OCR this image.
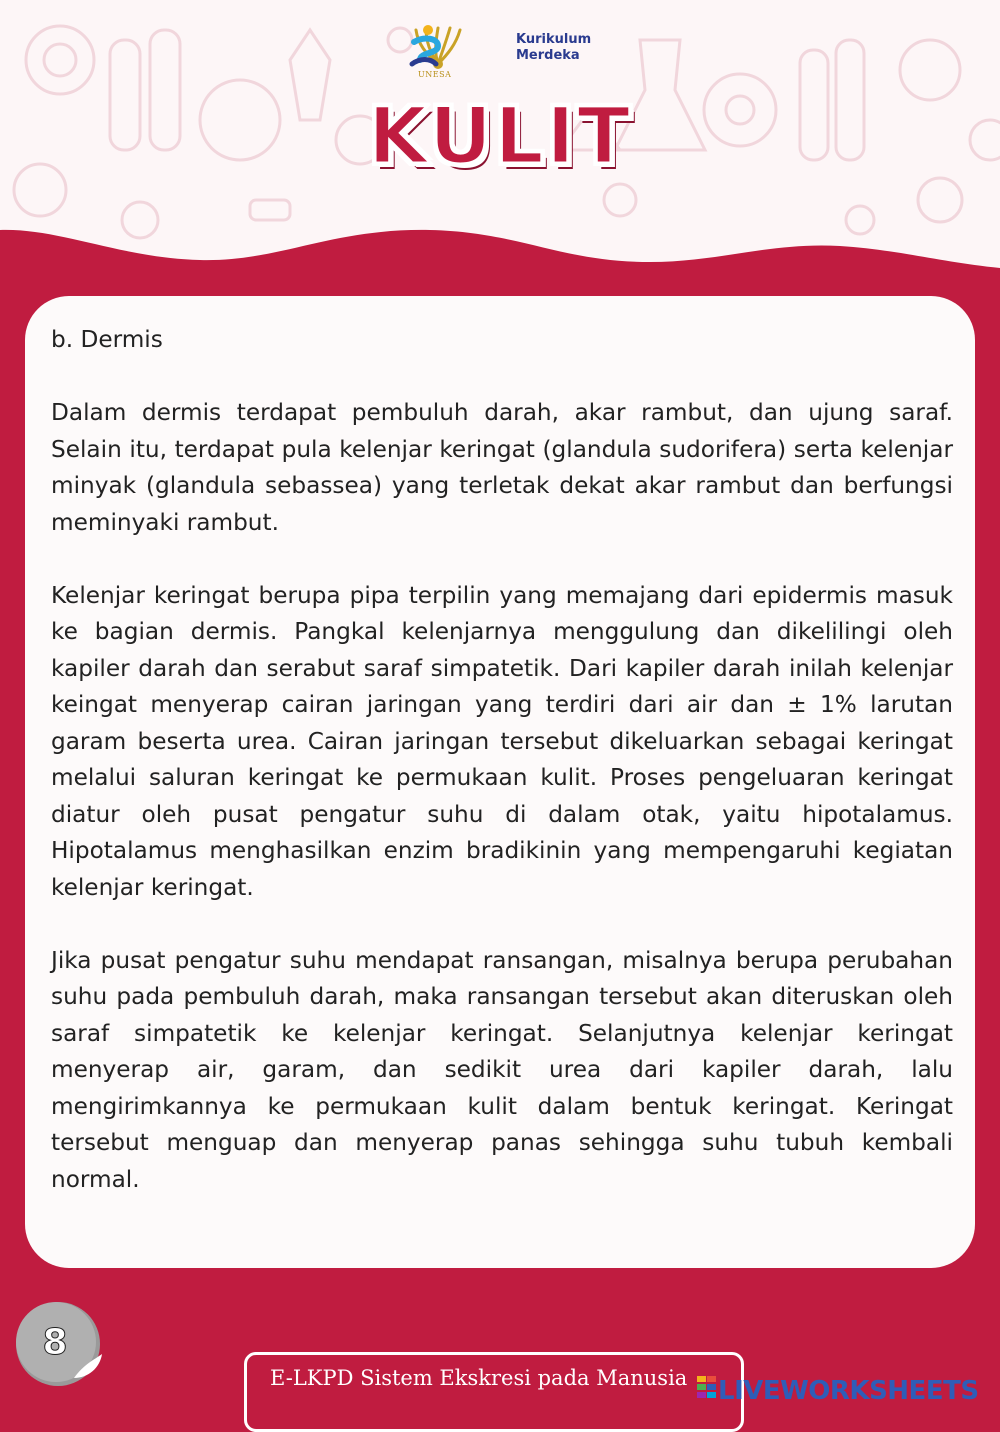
UNESA
Kurikulum
Merdeka
KULIT

b. Dermis

Dalam dermis terdapat pembuluh darah, akar rambut, dan ujung saraf. Selain itu, terdapat pula kelenjar keringat (glandula sudorifera) serta kelenjar minyak (glandula sebassea) yang terletak dekat akar rambut dan berfungsi meminyaki rambut.

Kelenjar keringat berupa pipa terpilin yang memajang dari epidermis masuk ke bagian dermis. Pangkal kelenjarnya menggulung dan dikelilingi oleh kapiler darah dan serabut saraf simpatetik. Dari kapiler darah inilah kelenjar keingat menyerap cairan jaringan yang terdiri dari air dan ± 1% larutan garam beserta urea. Cairan jaringan tersebut dikeluarkan sebagai keringat melalui saluran keringat ke permukaan kulit. Proses pengeluaran keringat diatur oleh pusat pengatur suhu di dalam otak, yaitu hipotalamus. Hipotalamus menghasilkan enzim bradikinin yang mempengaruhi kegiatan kelenjar keringat.

Jika pusat pengatur suhu mendapat ransangan, misalnya berupa perubahan suhu pada pembuluh darah, maka ransangan tersebut akan diteruskan oleh saraf simpatetik ke kelenjar keringat. Selanjutnya kelenjar keringat menyerap air, garam, dan sedikit urea dari kapiler darah, lalu mengirimkannya ke permukaan kulit dalam bentuk keringat. Keringat tersebut menguap dan menyerap panas sehingga suhu tubuh kembali normal.

8
E-LKPD Sistem Ekskresi pada Manusia	LIVEWORKSHEETS
